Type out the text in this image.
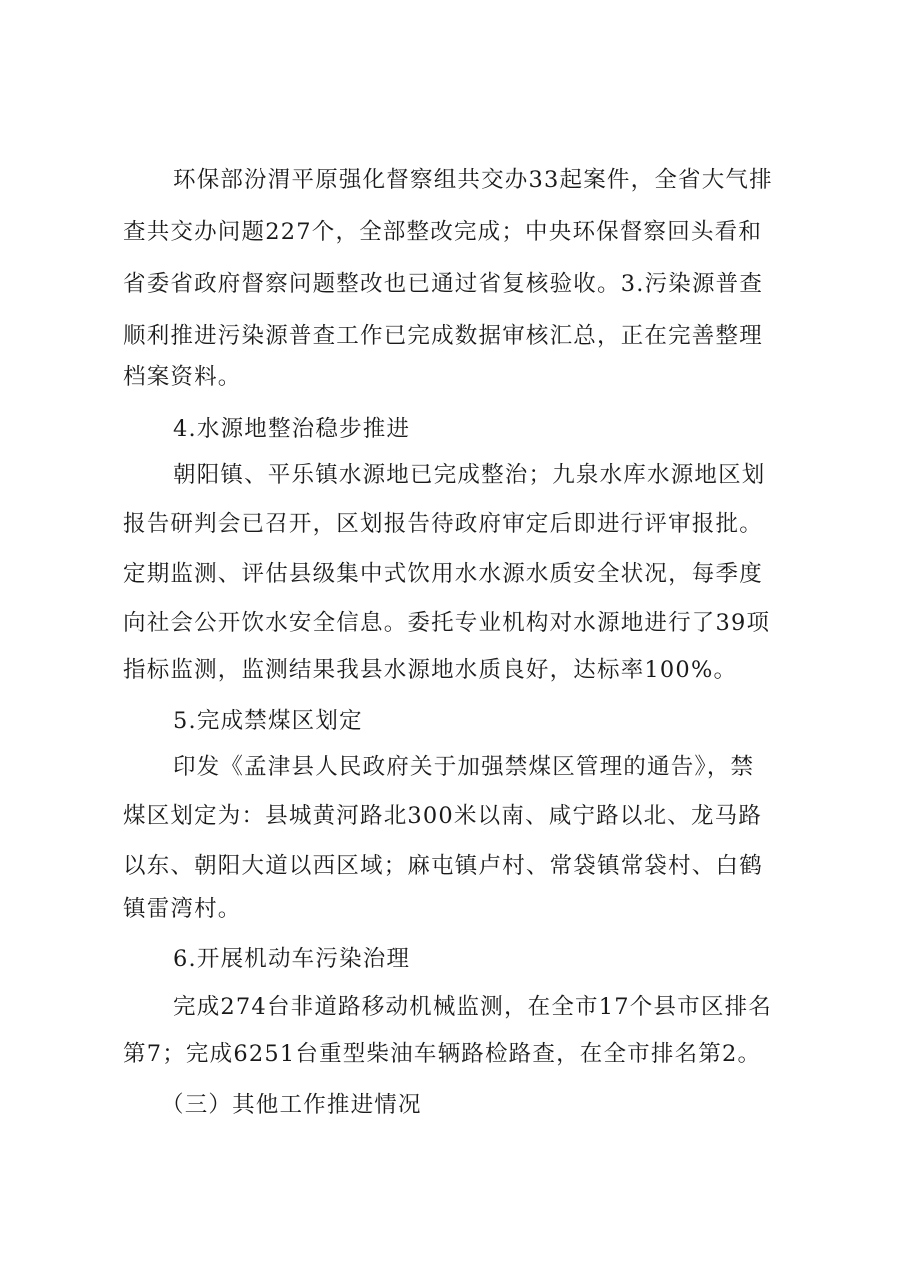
环保部汾渭平原强化督察组共交办33起案件，全省大气排
查共交办问题227个，全部整改完成；中央环保督察回头看和
省委省政府督察问题整改也已通过省复核验收。3.污染源普查
顺利推进污染源普查工作已完成数据审核汇总，正在完善整理
档案资料。
4.水源地整治稳步推进
朝阳镇、平乐镇水源地已完成整治；九泉水库水源地区划
报告研判会已召开，区划报告待政府审定后即进行评审报批。
定期监测、评估县级集中式饮用水水源水质安全状况，每季度
向社会公开饮水安全信息。委托专业机构对水源地进行了39项
指标监测，监测结果我县水源地水质良好，达标率100%。
5.完成禁煤区划定
印发《孟津县人民政府关于加强禁煤区管理的通告》，禁
煤区划定为：县城黄河路北300米以南、咸宁路以北、龙马路
以东、朝阳大道以西区域；麻屯镇卢村、常袋镇常袋村、白鹤
镇雷湾村。
6.开展机动车污染治理
完成274台非道路移动机械监测，在全市17个县市区排名
第7；完成6251台重型柴油车辆路检路查，在全市排名第2。
（三）其他工作推进情况
